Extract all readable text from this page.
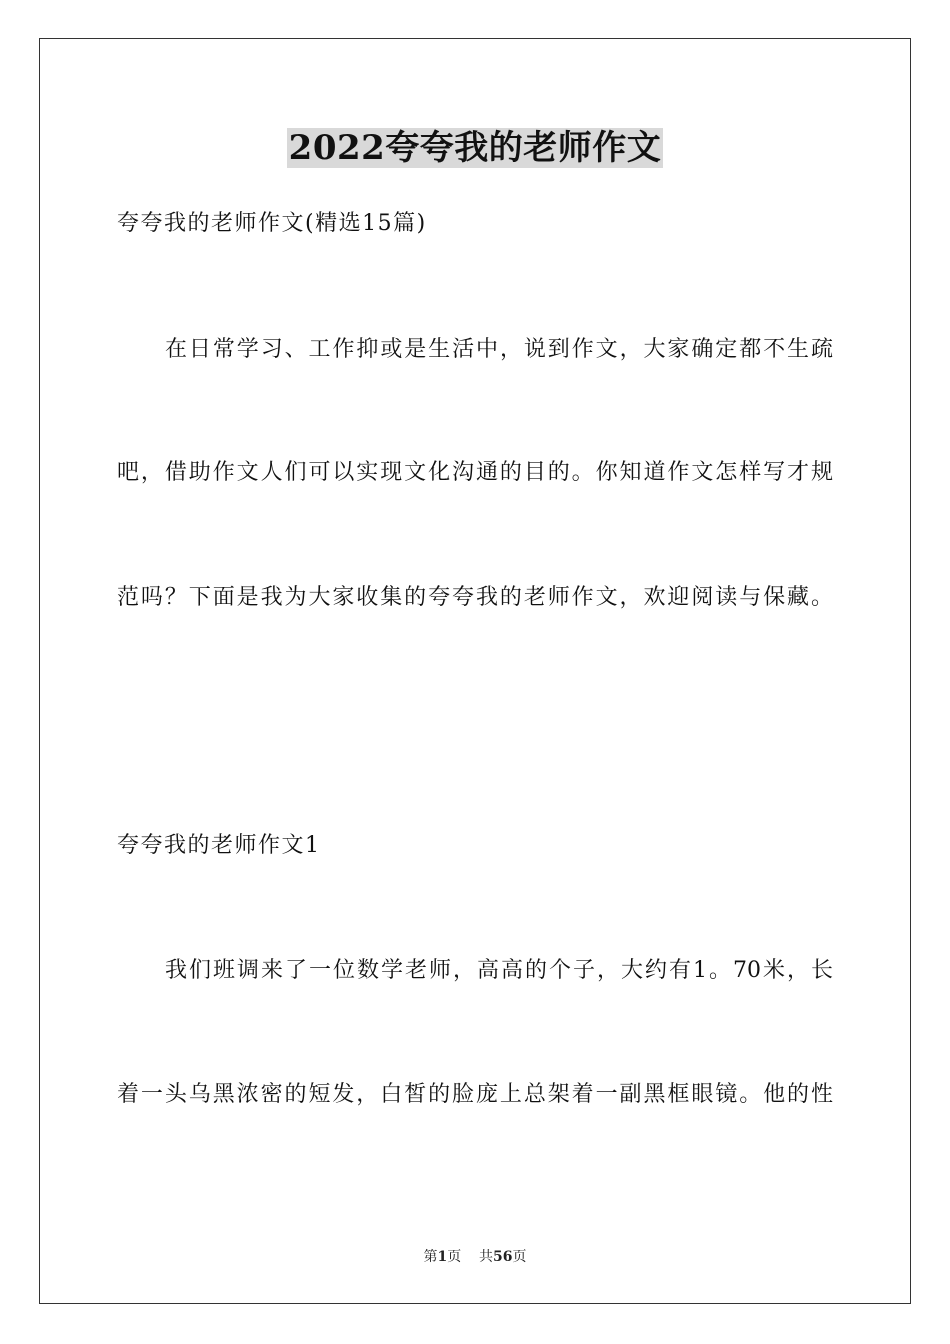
2022夸夸我的老师作文
夸夸我的老师作文(精选15篇)
在日常学习、工作抑或是生活中，说到作文，大家确定都不生疏
吧，借助作文人们可以实现文化沟通的目的。你知道作文怎样写才规
范吗？下面是我为大家收集的夸夸我的老师作文，欢迎阅读与保藏。
夸夸我的老师作文1
我们班调来了一位数学老师，高高的个子，大约有1。70米，长
着一头乌黑浓密的短发，白皙的脸庞上总架着一副黑框眼镜。他的性
第1页 共56页
